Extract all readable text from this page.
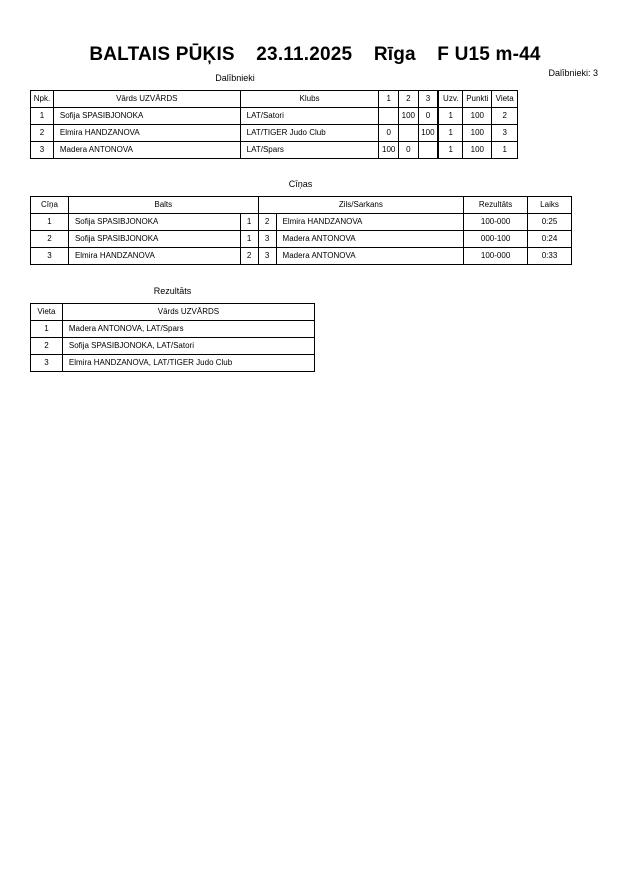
BALTAIS PŪĶIS 23.11.2025 Rīga F U15 m-44
Dalībnieki: 3
Dalībnieki
Npk.	Vārds UZVĀRDS	Klubs	1	2	3	Uzv.	Punkti	Vieta
1	Sofija SPASIBJONOKA	LAT/Satori		100	0	1	100	2
2	Elmira HANDZANOVA	LAT/TIGER Judo Club	0		100	1	100	3
3	Madera ANTONOVA	LAT/Spars	100	0		1	100	1
Cīņas
Cīņa	Balts		Zils/Sarkans		Rezultāts	Laiks
1	Sofija SPASIBJONOKA	1	2	Elmira HANDZANOVA	100-000	0:25
2	Sofija SPASIBJONOKA	1	3	Madera ANTONOVA	000-100	0:24
3	Elmira HANDZANOVA	2	3	Madera ANTONOVA	100-000	0:33
Rezultāts
Vieta	Vārds UZVĀRDS
1	Madera ANTONOVA, LAT/Spars
2	Sofija SPASIBJONOKA, LAT/Satori
3	Elmira HANDZANOVA, LAT/TIGER Judo Club
